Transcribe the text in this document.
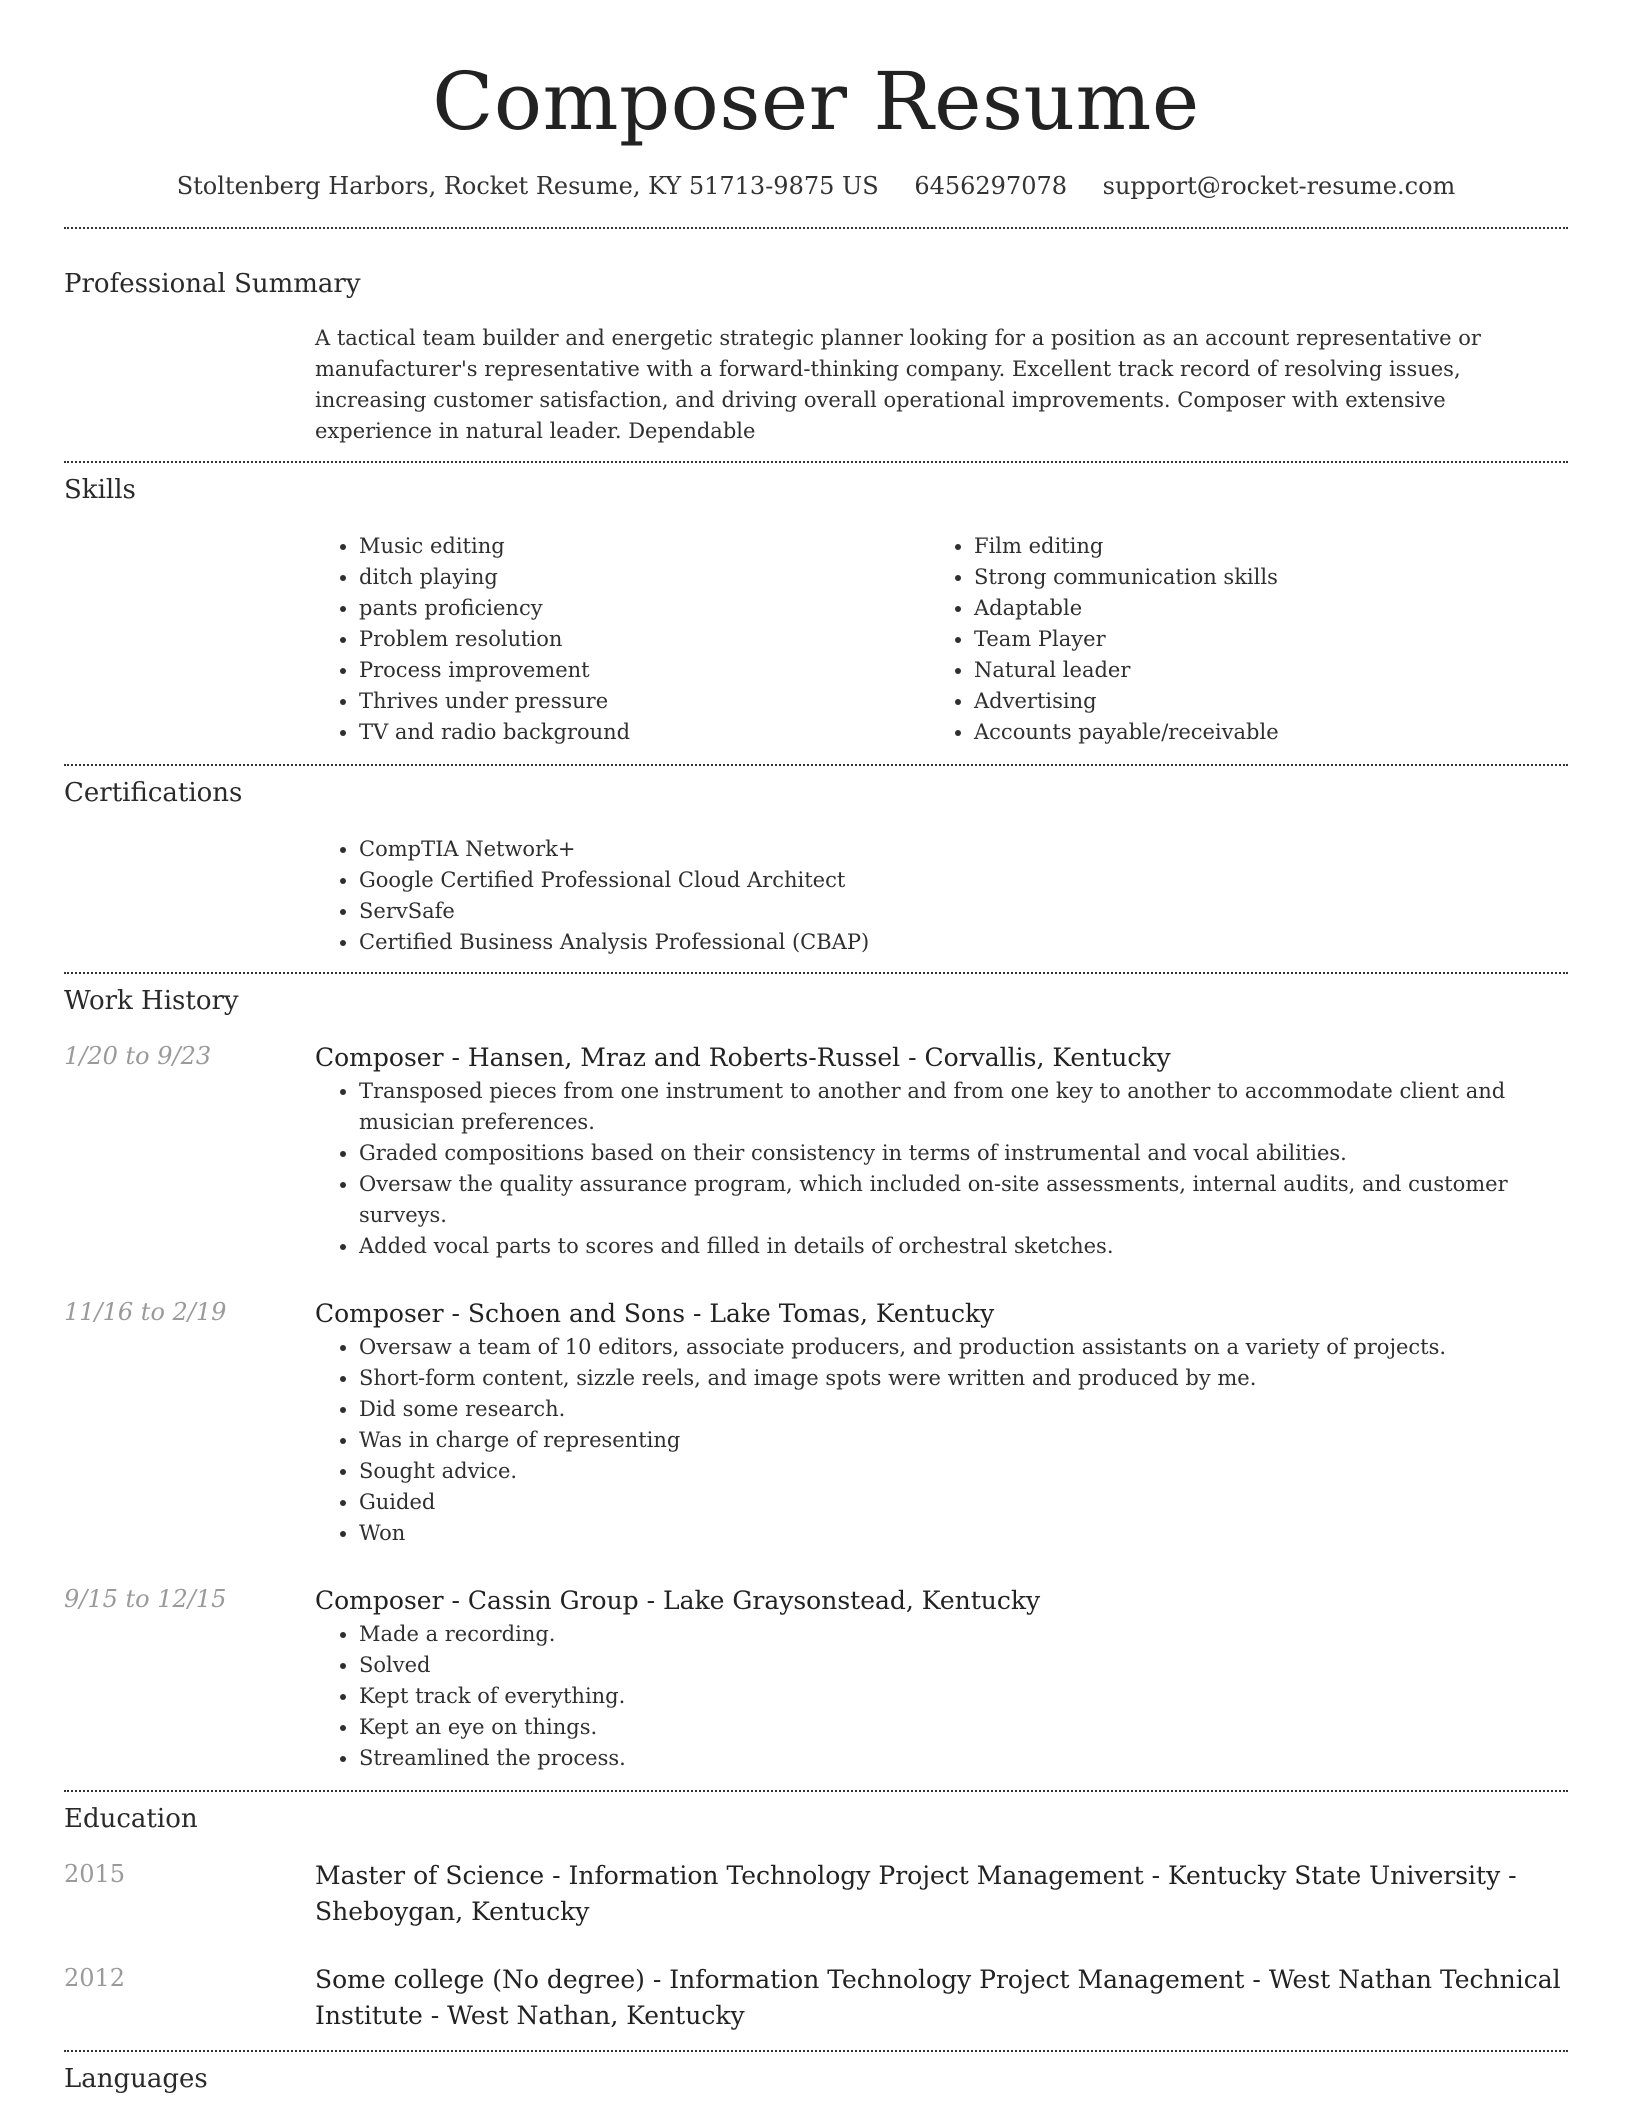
Composer Resume
Stoltenberg Harbors, Rocket Resume, KY 51713-9875 US 6456297078 support@rocket-resume.com
Professional Summary
A tactical team builder and energetic strategic planner looking for a position as an account representative or manufacturer's representative with a forward-thinking company. Excellent track record of resolving issues, increasing customer satisfaction, and driving overall operational improvements. Composer with extensive experience in natural leader. Dependable
Skills
• Music editing
• ditch playing
• pants proficiency
• Problem resolution
• Process improvement
• Thrives under pressure
• TV and radio background
• Film editing
• Strong communication skills
• Adaptable
• Team Player
• Natural leader
• Advertising
• Accounts payable/receivable
Certifications
• CompTIA Network+
• Google Certified Professional Cloud Architect
• ServSafe
• Certified Business Analysis Professional (CBAP)
Work History
1/20 to 9/23	Composer - Hansen, Mraz and Roberts-Russel - Corvallis, Kentucky
• Transposed pieces from one instrument to another and from one key to another to accommodate client and musician preferences.
• Graded compositions based on their consistency in terms of instrumental and vocal abilities.
• Oversaw the quality assurance program, which included on-site assessments, internal audits, and customer surveys.
• Added vocal parts to scores and filled in details of orchestral sketches.
11/16 to 2/19	Composer - Schoen and Sons - Lake Tomas, Kentucky
• Oversaw a team of 10 editors, associate producers, and production assistants on a variety of projects.
• Short-form content, sizzle reels, and image spots were written and produced by me.
• Did some research.
• Was in charge of representing
• Sought advice.
• Guided
• Won
9/15 to 12/15	Composer - Cassin Group - Lake Graysonstead, Kentucky
• Made a recording.
• Solved
• Kept track of everything.
• Kept an eye on things.
• Streamlined the process.
Education
2015	Master of Science - Information Technology Project Management - Kentucky State University - Sheboygan, Kentucky
2012	Some college (No degree) - Information Technology Project Management - West Nathan Technical Institute - West Nathan, Kentucky
Languages
